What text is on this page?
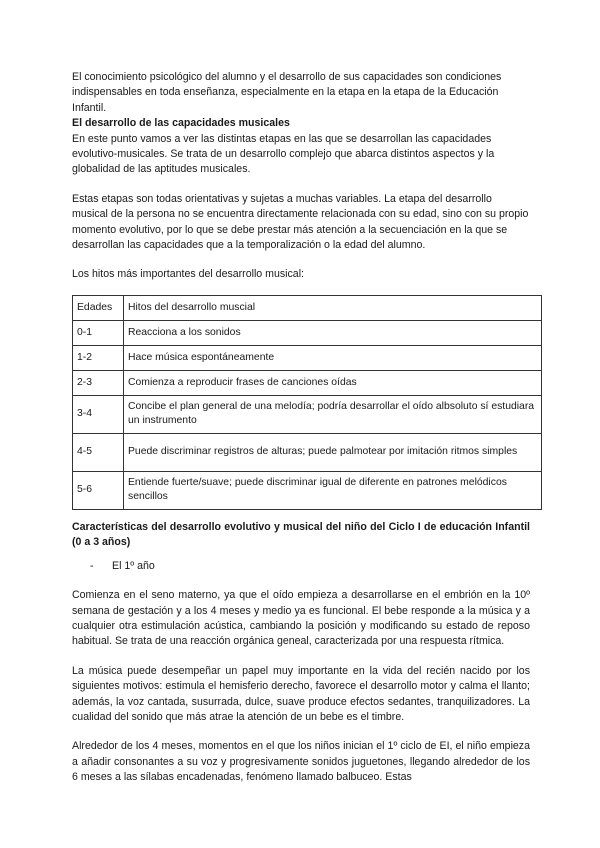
El conocimiento psicológico del alumno y el desarrollo de sus capacidades son condiciones indispensables en toda enseñanza, especialmente en la etapa en la etapa de la Educación Infantil.

El desarrollo de las capacidades musicales

En este punto vamos a ver las distintas etapas en las que se desarrollan las capacidades evolutivo-musicales. Se trata de un desarrollo complejo que abarca distintos aspectos y la globalidad de las aptitudes musicales.

Estas etapas son todas orientativas y sujetas a muchas variables. La etapa del desarrollo musical de la persona no se encuentra directamente relacionada con su edad, sino con su propio momento evolutivo, por lo que se debe prestar más atención a la secuenciación en la que se desarrollan las capacidades que a la temporalización o la edad del alumno.

Los hitos más importantes del desarrollo musical:

Edades	Hitos del desarrollo muscial
0-1	Reacciona a los sonidos
1-2	Hace música espontáneamente
2-3	Comienza a reproducir frases de canciones oídas
3-4	Concibe el plan general de una melodía; podría desarrollar el oído albsoluto sí estudiara un instrumento
4-5	Puede discriminar registros de alturas; puede palmotear por imitación ritmos simples
5-6	Entiende fuerte/suave; puede discriminar igual de diferente en patrones melódicos sencillos

Características del desarrollo evolutivo y musical del niño del Ciclo I de educación Infantil (0 a 3 años)

-	El 1º año

Comienza en el seno materno, ya que el oído empieza a desarrollarse en el embrión en la 10º semana de gestación y a los 4 meses y medio ya es funcional. El bebe responde a la música y a cualquier otra estimulación acústica, cambiando la posición y modificando su estado de reposo habitual. Se trata de una reacción orgánica geneal, caracterizada por una respuesta rítmica.

La música puede desempeñar un papel muy importante en la vida del recién nacido por los siguientes motivos: estimula el hemisferio derecho, favorece el desarrollo motor y calma el llanto; además, la voz cantada, susurrada, dulce, suave produce efectos sedantes, tranquilizadores. La cualidad del sonido que más atrae la atención de un bebe es el timbre.

Alrededor de los 4 meses, momentos en el que los niños inician el 1º ciclo de EI, el niño empieza a añadir consonantes a su voz y progresivamente sonidos juguetones, llegando alrededor de los 6 meses a las sílabas encadenadas, fenómeno llamado balbuceo. Estas
